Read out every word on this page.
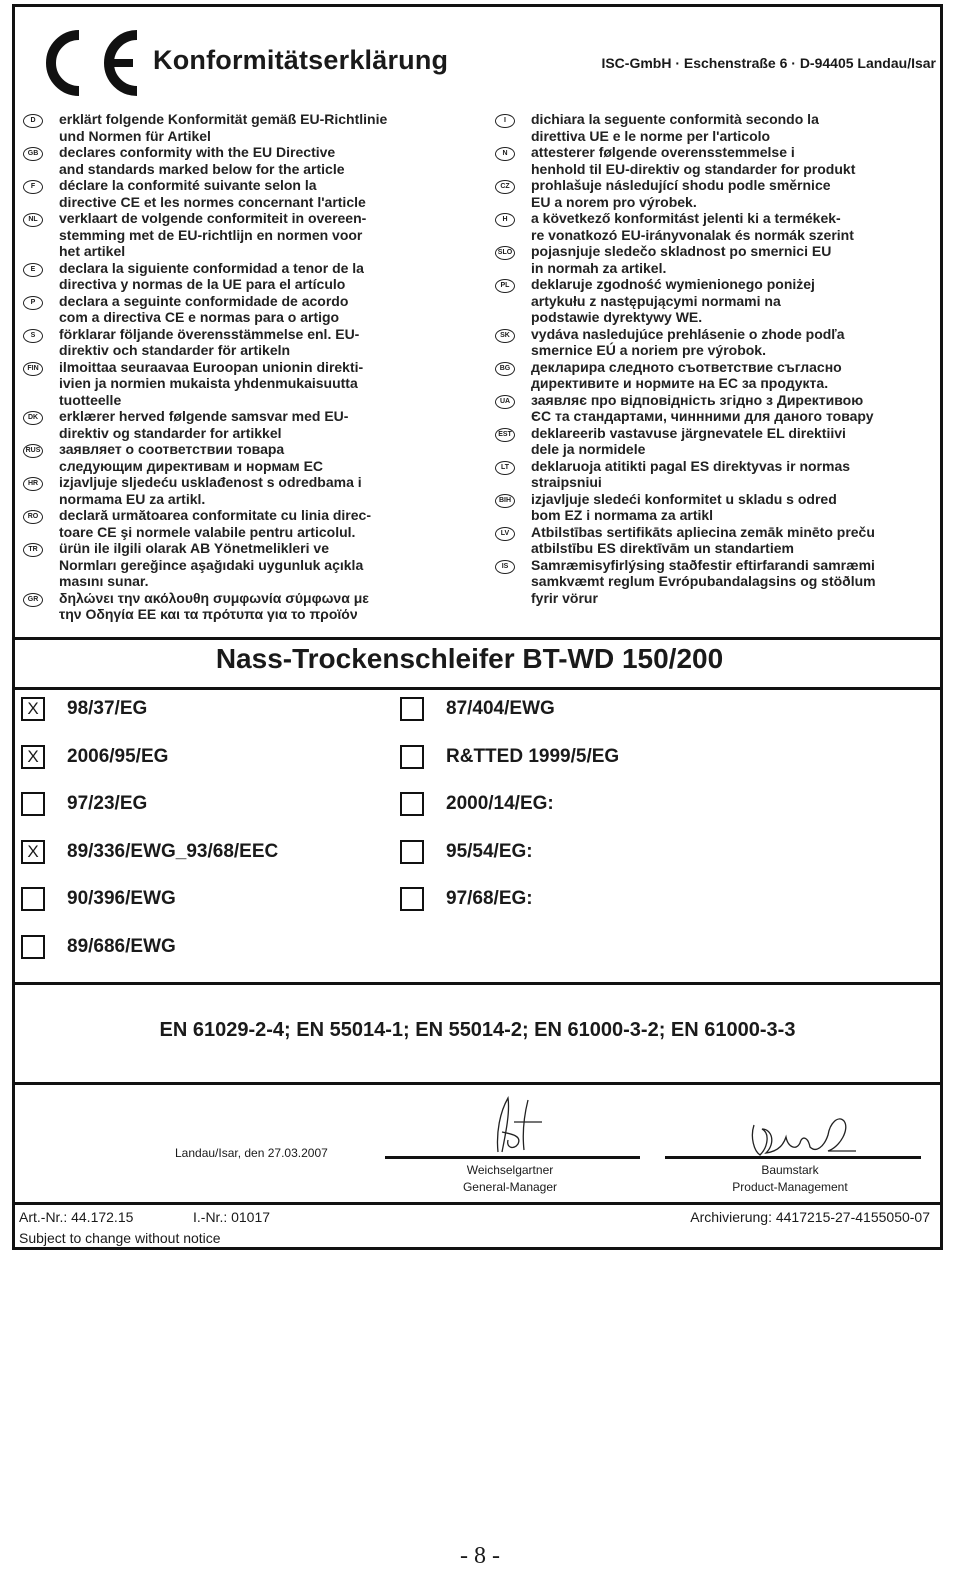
Konformitätserklärung	ISC-GmbH · Eschenstraße 6 · D-94405 Landau/Isar
D	erklärt folgende Konformität gemäß EU-Richtlinie
und Normen für Artikel
GB	declares conformity with the EU Directive
and standards marked below for the article
F	déclare la conformité suivante selon la
directive CE et les normes concernant l'article
NL	verklaart de volgende conformiteit in overeen-
stemming met de EU-richtlijn en normen voor
het artikel
E	declara la siguiente conformidad a tenor de la
directiva y normas de la UE para el artículo
P	declara a seguinte conformidade de acordo
com a directiva CE e normas para o artigo
S	förklarar följande överensstämmelse enl. EU-
direktiv och standarder för artikeln
FIN	ilmoittaa seuraavaa Euroopan unionin direkti-
ivien ja normien mukaista yhdenmukaisuutta
tuotteelle
DK	erklærer herved følgende samsvar med EU-
direktiv og standarder for artikkel
RUS заявляет о соответствии товара
следующим директивам и нормам ЕС
HR	izjavljuje sljedeću usklađenost s odredbama i
normama EU za artikl.
RO	declară următoarea conformitate cu linia direc-
toare CE şi normele valabile pentru articolul.
TR	ürün ile ilgili olarak AB Yönetmelikleri ve
Normları gereğince aşağıdaki uygunluk açıkla
masını sunar.
GR	δηλώνει την ακόλουθη συμφωνία σύμφωνα με
την Οδηγία ΕΕ και τα πρότυπα για το προϊόν
I	dichiara la seguente conformità secondo la
direttiva UE e le norme per l'articolo
N	attesterer følgende overensstemmelse i
henhold til EU-direktiv og standarder for produkt
CZ	prohlašuje následující shodu podle směrnice
EU a norem pro výrobek.
H	a következő konformitást jelenti ki a termékek-
re vonatkozó EU-irányvonalak és normák szerint
SLO pojasnjuje sledečo skladnost po smernici EU
in normah za artikel.
PL	deklaruje zgodność wymienionego poniżej
artykułu z następującymi normami na
podstawie dyrektywy WE.
SK	vydáva nasledujúce prehlásenie o zhode podľa
smernice EÚ a noriem pre výrobok.
BG	декларира следното съответствие съгласно
директивите и нормите на ЕС за продукта.
UA	заявляє про відповідність згідно з Директивою
ЄС та стандартами, чиннними для даного товару
EST deklareerib vastavuse järgnevatele EL direktiivi
dele ja normidele
LT	deklaruoja atitikti pagal ES direktyvas ir normas
straipsniui
BIH izjavljuje sledeći konformitet u skladu s odred
bom EZ i normama za artikl
LV	Atbilstības sertifikāts apliecina zemāk minēto preču
atbilstību ES direktīvām un standartiem
IS	Samræmisyfirlýsing staðfestir eftirfarandi samræmi
samkvæmt reglum Evrópubandalagsins og stöðlum
fyrir vörur
Nass-Trockenschleifer BT-WD 150/200
X	98/37/EG	87/404/EWG
X	2006/95/EG	R&TTED 1999/5/EG
97/23/EG	2000/14/EG:
X	89/336/EWG_93/68/EEC	95/54/EG:
90/396/EWG	97/68/EG:
89/686/EWG
EN 61029-2-4; EN 55014-1; EN 55014-2; EN 61000-3-2; EN 61000-3-3
Landau/Isar, den 27.03.2007
Weichselgartner
General-Manager
Baumstark
Product-Management
Art.-Nr.: 44.172.15	I.-Nr.: 01017	Archivierung: 4417215-27-4155050-07
Subject to change without notice
- 8 -
